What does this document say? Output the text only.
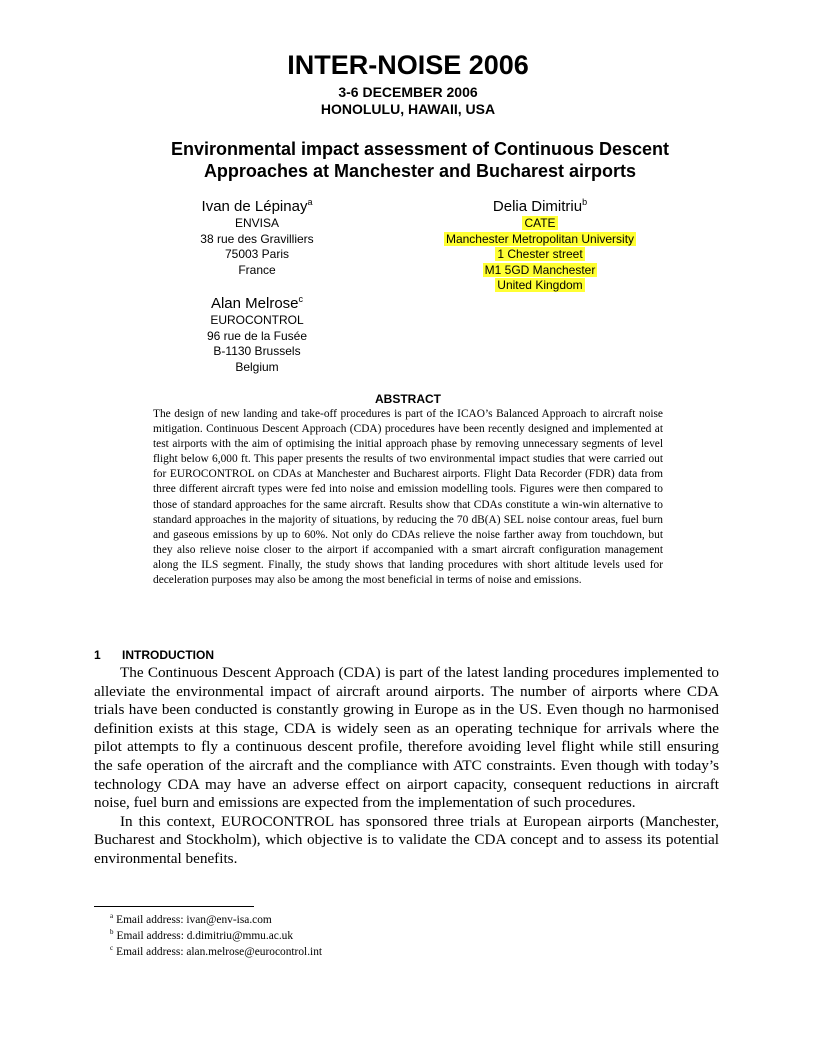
INTER-NOISE 2006
3-6 DECEMBER 2006
HONOLULU, HAWAII, USA
Environmental impact assessment of Continuous Descent
Approaches at Manchester and Bucharest airports
Ivan de Lépinay$^a$
ENVISA
38 rue des Gravilliers
75003 Paris
France
Delia Dimitriu$^b$
CATE
Manchester Metropolitan University
1 Chester street
M1 5GD Manchester
United Kingdom
Alan Melrose$^c$
EUROCONTROL
96 rue de la Fusée
B-1130 Brussels
Belgium
ABSTRACT
The design of new landing and take-off procedures is part of the ICAO’s Balanced Approach to aircraft noise mitigation. Continuous Descent Approach (CDA) procedures have been recently designed and implemented at test airports with the aim of optimising the initial approach phase by removing unnecessary segments of level flight below 6,000 ft. This paper presents the results of two environmental impact studies that were carried out for EUROCONTROL on CDAs at Manchester and Bucharest airports. Flight Data Recorder (FDR) data from three different aircraft types were fed into noise and emission modelling tools. Figures were then compared to those of standard approaches for the same aircraft. Results show that CDAs constitute a win-win alternative to standard approaches in the majority of situations, by reducing the 70 dB(A) SEL noise contour areas, fuel burn and gaseous emissions by up to 60%. Not only do CDAs relieve the noise farther away from touchdown, but they also relieve noise closer to the airport if accompanied with a smart aircraft configuration management along the ILS segment. Finally, the study shows that landing procedures with short altitude levels used for deceleration purposes may also be among the most beneficial in terms of noise and emissions.
1 INTRODUCTION

The Continuous Descent Approach (CDA) is part of the latest landing procedures implemented to alleviate the environmental impact of aircraft around airports. The number of airports where CDA trials have been conducted is constantly growing in Europe as in the US. Even though no harmonised definition exists at this stage, CDA is widely seen as an operating technique for arrivals where the pilot attempts to fly a continuous descent profile, therefore avoiding level flight while still ensuring the safe operation of the aircraft and the compliance with ATC constraints. Even though with today’s technology CDA may have an adverse effect on airport capacity, consequent reductions in aircraft noise, fuel burn and emissions are expected from the implementation of such procedures.

In this context, EUROCONTROL has sponsored three trials at European airports (Manchester, Bucharest and Stockholm), which objective is to validate the CDA concept and to assess its potential environmental benefits.

$^a$ Email address: ivan@env-isa.com
$^b$ Email address: d.dimitriu@mmu.ac.uk
$^c$ Email address: alan.melrose@eurocontrol.int
